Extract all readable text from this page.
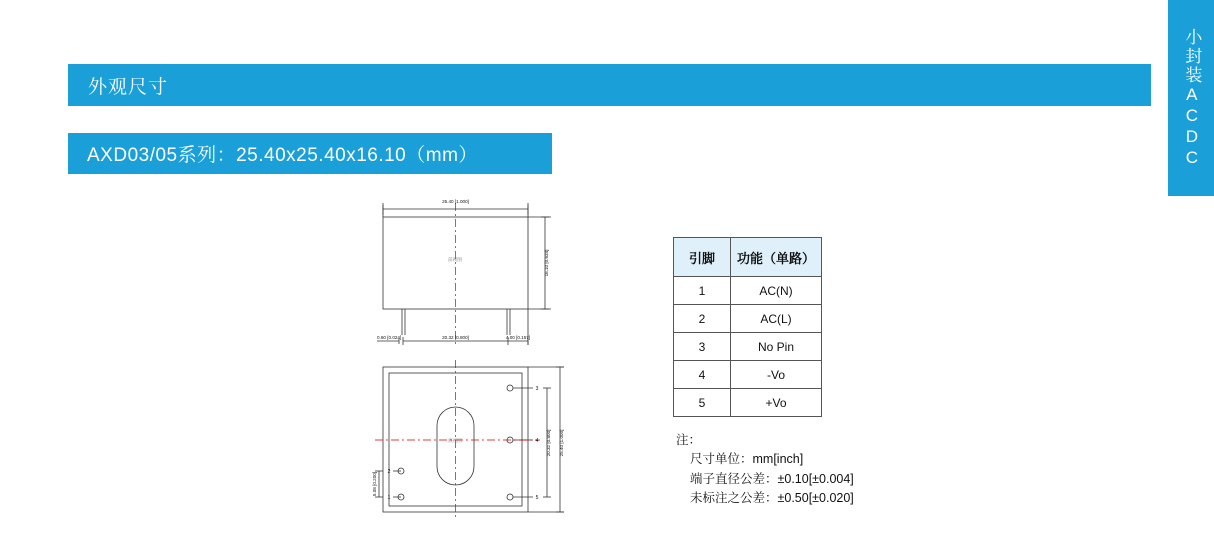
小封装ACDC
外观尺寸
AXD03/05系列：25.40x25.40x16.10（mm）
25.40 [1.000]
16.10 [0.634]
20.32 [0.800]	4.00 [0.157]
0.60 [0.024]
前视图
底视图	20.32 [0.800] 25.40 [1.000]
5.08 [0.200]
1
2
3
4
5
引脚	功能（单路）
1	AC(N)
2	AC(L)
3	No Pin
4	-Vo
5	+Vo
注：
尺寸单位：mm[inch]
端子直径公差：±0.10[±0.004]
未标注之公差：±0.50[±0.020]
